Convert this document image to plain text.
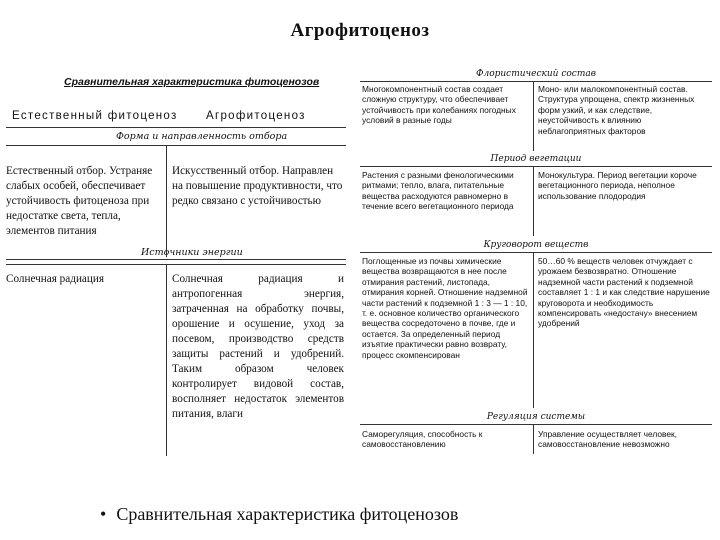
Агрофитоценоз
Сравнительная характеристика фитоценозов
Естественный фитоценоз Агрофитоценоз
Форма и направленность отбора
Естественный отбор. Устраняе слабых особей, обеспечивает устойчивость фитоценоза при недостатке света, тепла, элементов питания
Искусственный отбор. Направлен на повышение продуктивности, что редко связано с устойчивостью
Источники энергии
Солнечная радиация	Солнечная радиация и антропогенная энергия, затраченная на обработку почвы, орошение и осушение, уход за посевом, производство средств защиты растений и удобрений. Таким образом человек контролирует видовой состав, восполняет недостаток элементов питания, влаги
Флористический состав
Многокомпонентный состав создает сложную структуру, что обеспечивает устойчивость при колебаниях погодных условий в разные годы
Моно- или малокомпонентный состав. Структура упрощена, спектр жизненных форм узкий, и как следствие, неустойчивость к влиянию неблагоприятных факторов
Период вегетации
Растения с разными фенологическими ритмами; тепло, влага, питательные вещества расходуются равномерно в течение всего вегетационного периода
Монокультура. Период вегетации короче вегетационного периода, неполное использование плодородия
Круговорот веществ
Поглощенные из почвы химические вещества возвращаются в нее после отмирания растений, листопада, отмирания корней. Отношение надземной части растений к подземной 1 : 3 — 1 : 10, т. е. основное количество органического вещества сосредоточено в почве, где и остается. За определенный период изъятие практически равно возврату, процесс скомпенсирован
50…60 % веществ человек отчуждает с урожаем безвозвратно. Отношение надземной части растений к подземной составляет 1 : 1 и как следствие нарушение круговорота и необходимость компенсировать «недостачу» внесением удобрений
Регуляция системы
Саморегуляция, способность к самовосстановлению
Управление осуществляет человек, самовосстановление невозможно
• Сравнительная характеристика фитоценозов
